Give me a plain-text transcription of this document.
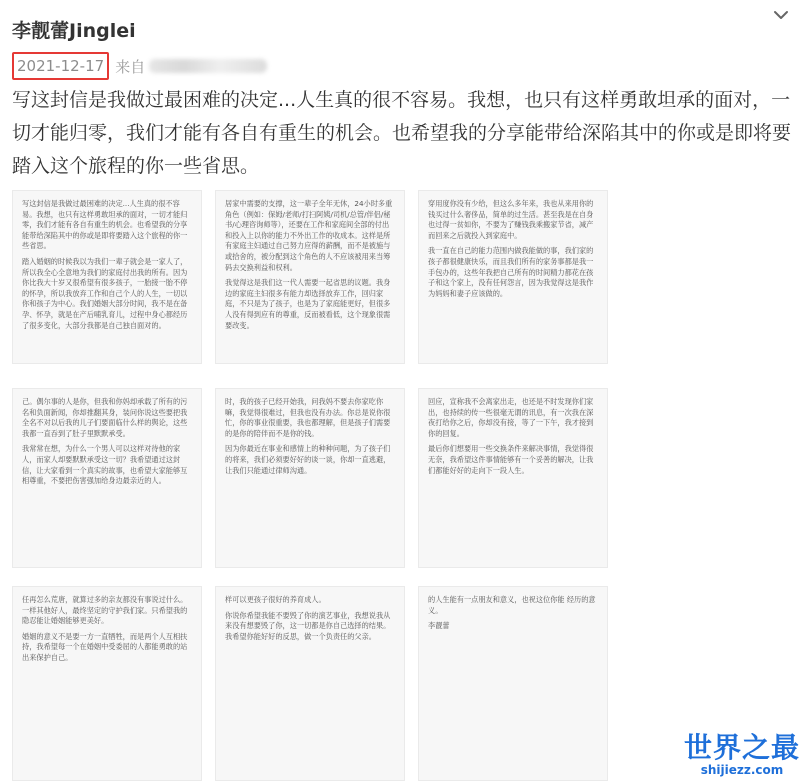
李靓蕾Jinglei
2021-12-17 来自
写这封信是我做过最困难的决定...人生真的很不容易。我想，也只有这样勇敢坦承的面对，一切才能归零，我们才能有各自有重生的机会。也希望我的分享能带给深陷其中的你或是即将要踏入这个旅程的你一些省思。

写这封信是我做过最困难的决定...人生真的很不容易。我想，也只有这样勇敢坦承的面对，一切才能归零，我们才能有各自有重生的机会。也希望我的分享能带给深陷其中的你或是即将要踏入这个旅程的你一些省思。

踏入婚姻的时候我以为我们一辈子就会是一家人了，所以我全心全意地为我们的家庭付出我的所有。因为你比我大十岁又很希望有很多孩子，一胎接一胎不停的怀孕，所以我放弃工作和自己个人的人生，一切以你和孩子为中心。我们婚姻大部分时间，我不是在备孕、怀孕，就是在产后哺乳育儿，过程中身心都经历了很多变化，大部分我都是自己独自面对的。

居家中需要的支撑，这一辈子全年无休，24小时多重角色（例如：保姆/老师/打扫阿姨/司机/总管/伴侣/秘书/心理咨询师等），还要在工作和家庭间全部的付出和投入上以你的能力不外出工作的收成本。这样是所有家庭主妇通过自己努力应得的薪酬，而不是被施与或拾舍的，被分配到这个角色的人不应该被用来当筹码去交换利益和权利。

我觉得这是我们这一代人需要一起省思的议题。我身边的家庭主妇很多有能力却选择放弃工作，回归家庭，不只是为了孩子，也是为了家庭能更好，但很多人没有得到应有的尊重，反而被看低，这个现象很需要改变。

穿用度你没有少给，但这么多年来，我也从来用你的钱买过什么奢侈品，简单的过生活。甚至我是在自身也过得一贫如你，不要为了赚钱我乘搬家节省，减产而回来之后就投入到家庭中。

我一直在自己的能力范围内做我能做的事，我们家的孩子都很健康快乐，而且我们所有的家务事都是我一手包办的，这些年我把自己所有的时间精力都花在孩子和这个家上，没有任何怨言，因为我觉得这是我作为妈妈和妻子应该做的。

己。偶尔事的人是你，但我和你妈却承载了所有的污名和负面新闻，你却推翻其身，装问你说这些要把我全名不对以后我的儿子们要面临什么样的舆论，这些我都一直吞到了肚子里默默承受。

我常常在想，为什么一个男人可以这样对待他的家人，而家人却要默默承受这一切？我希望通过这封信，让大家看到一个真实的故事，也希望大家能够互相尊重，不要把伤害强加给身边最亲近的人。

时，我的孩子已经开始我，问我妈不要去你家吃你嘛，我觉得很难过，但我也没有办法。你总是说你很忙，你的事业很重要，我也都理解，但是孩子们需要的是你的陪伴而不是你的钱。

因为你最近在事业和感情上的种种问题，为了孩子们的将来，我们必须要好好的谈一谈，你却一直逃避，让我们只能通过律师沟通。

回应，宣称我不会离家出走，也还是不时发现你们家出，也持续的传一些很毫无谓的讯息，有一次我在深夜打给你之后，你却没有接，等了一下午，我才接到你的回复。

最后你们想要用一些交换条件来解决事情，我觉得很无奈，我希望这件事情能够有一个妥善的解决，让我们都能好好的走向下一段人生。

任再怎么荒唐，就算过多的亲友都没有事说过什么。一样其他好人，最终坚定的守护我们家。只希望我的隐忍能让婚姻能够更美好。

婚姻的意义不是要一方一直牺牲，而是两个人互相扶持，我希望每一个在婚姻中受委屈的人都能勇敢的站出来保护自己。

样可以更孩子很好的养育成人。

你说你希望我能不要毁了你的演艺事业，我想说我从来没有想要毁了你，这一切都是你自己选择的结果。我希望你能好好的反思，做一个负责任的父亲。

的人生能有一点朋友和意义，也祝这位你能 经历的意义。

李靓蕾

世界之最
shijiezz.com
